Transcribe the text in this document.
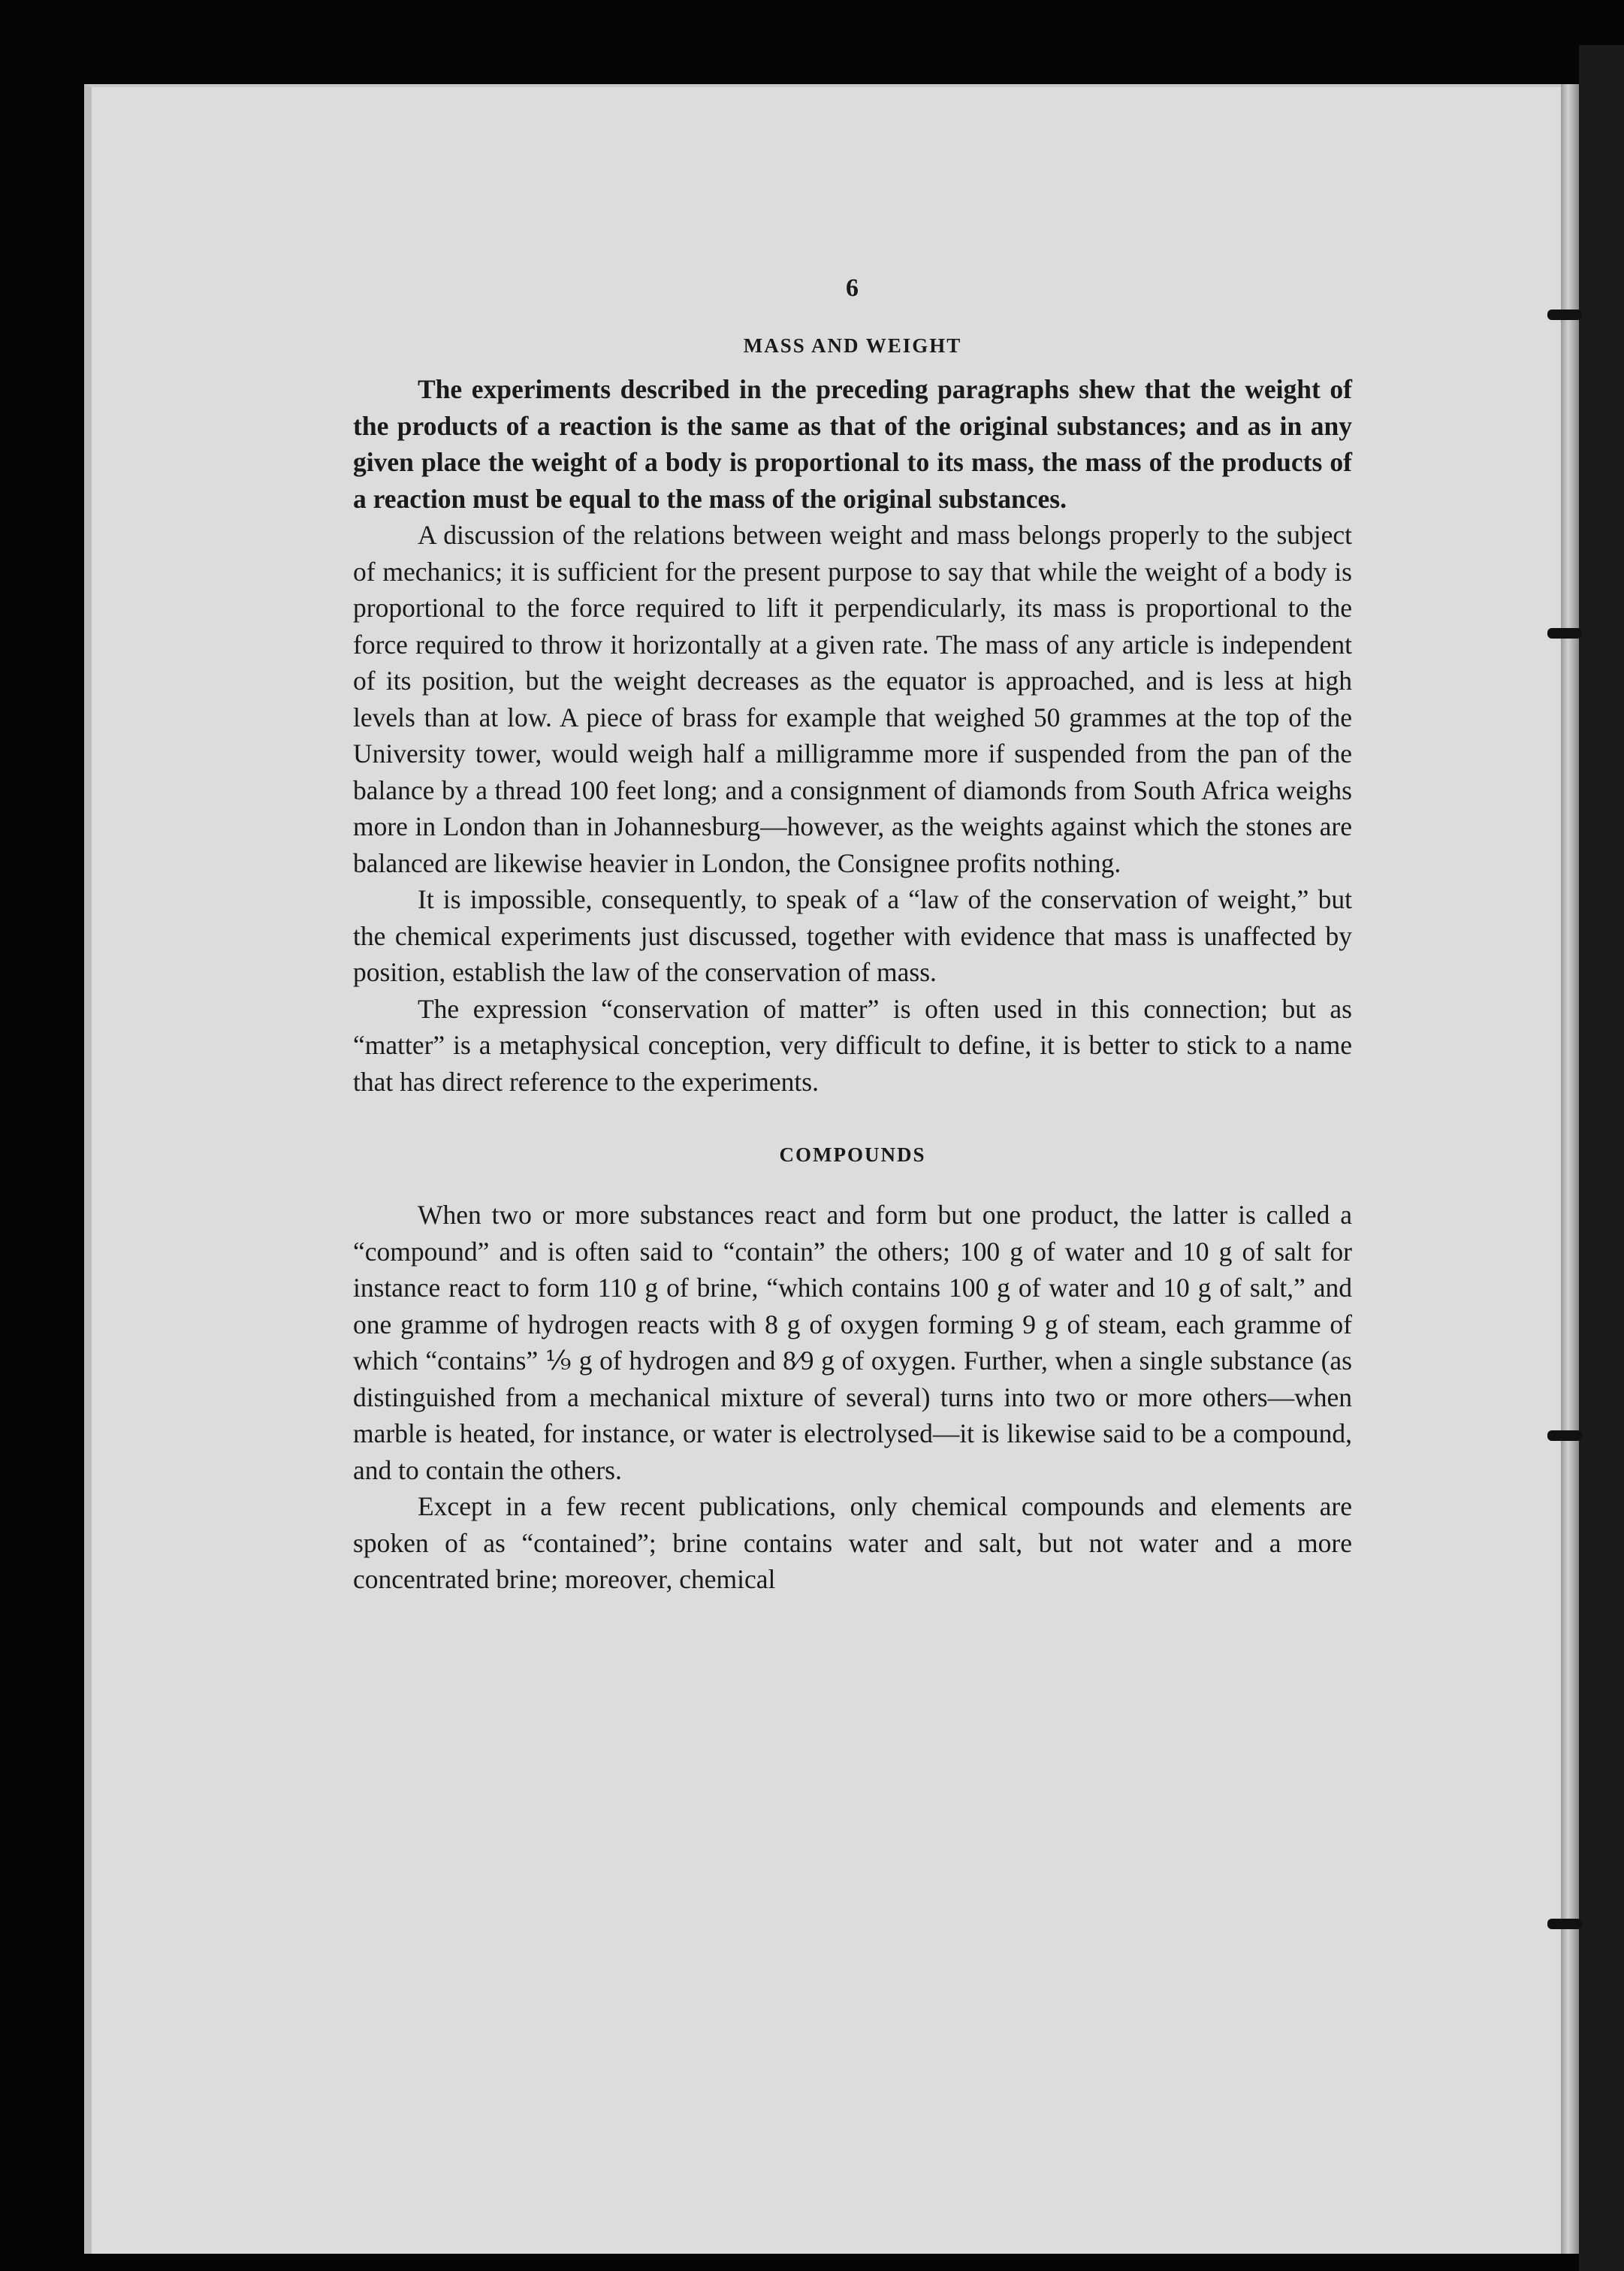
6
MASS AND WEIGHT

The experiments described in the preceding paragraphs shew that the weight of the products of a reaction is the same as that of the original substances; and as in any given place the weight of a body is proportional to its mass, the mass of the products of a reaction must be equal to the mass of the original substances.

A discussion of the relations between weight and mass belongs properly to the subject of mechanics; it is sufficient for the present purpose to say that while the weight of a body is proportional to the force required to lift it perpendicularly, its mass is proportional to the force required to throw it horizontally at a given rate. The mass of any article is independent of its position, but the weight decreases as the equator is approached, and is less at high levels than at low. A piece of brass for example that weighed 50 grammes at the top of the University tower, would weigh half a milligramme more if suspended from the pan of the balance by a thread 100 feet long; and a consignment of diamonds from South Africa weighs more in London than in Johannesburg—however, as the weights against which the stones are balanced are likewise heavier in London, the Consignee profits nothing.

It is impossible, consequently, to speak of a “law of the conservation of weight,” but the chemical experiments just discussed, together with evidence that mass is unaffected by position, establish the law of the conservation of mass.

The expression “conservation of matter” is often used in this connection; but as “matter” is a metaphysical conception, very difficult to define, it is better to stick to a name that has direct reference to the experiments.

COMPOUNDS

When two or more substances react and form but one product, the latter is called a “compound” and is often said to “contain” the others; 100 g of water and 10 g of salt for instance react to form 110 g of brine, “which contains 100 g of water and 10 g of salt,” and one gramme of hydrogen reacts with 8 g of oxygen forming 9 g of steam, each gramme of which “contains” ⅑ g of hydrogen and 8⁄9 g of oxygen. Further, when a single substance (as distinguished from a mechanical mixture of several) turns into two or more others—when marble is heated, for instance, or water is electrolysed—it is likewise said to be a compound, and to contain the others.

Except in a few recent publications, only chemical compounds and elements are spoken of as “contained”; brine contains water and salt, but not water and a more concentrated brine; moreover, chemical
